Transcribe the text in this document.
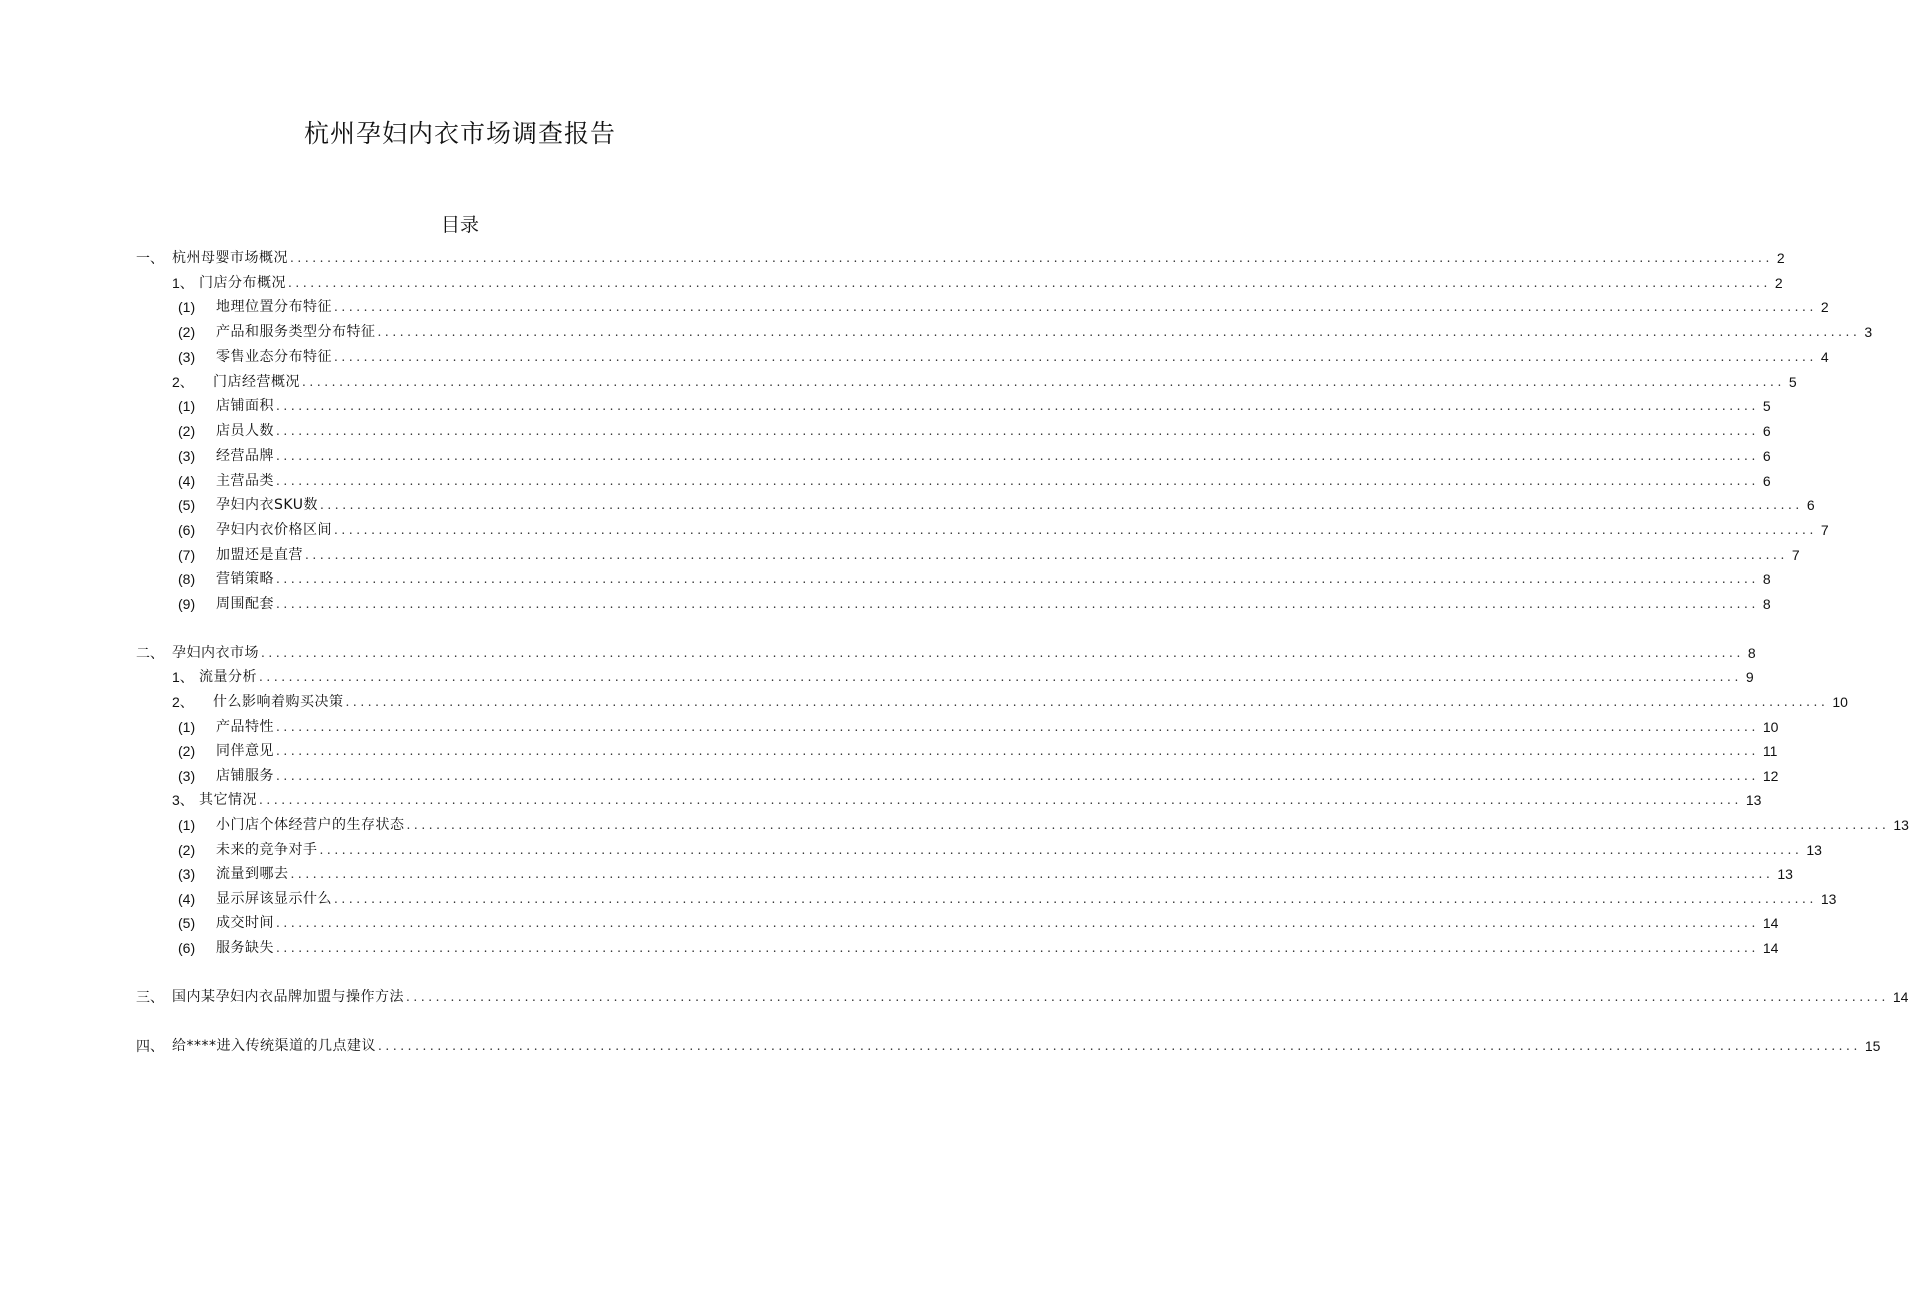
杭州孕妇内衣市场调查报告
目录
一、 杭州母婴市场概况 ........................................................................................................................................................................................................ 2
1、 门店分布概况 ........................................................................................................................................................................................................ 2
(1)	地理位置分布特征 ........................................................................................................................................................................................................ 2
(2)	产品和服务类型分布特征 ........................................................................................................................................................................................................ 3
(3)	零售业态分布特征 ........................................................................................................................................................................................................ 4
2、	门店经营概况 ........................................................................................................................................................................................................ 5
(1)	店铺面积 ........................................................................................................................................................................................................ 5
(2)	店员人数 ........................................................................................................................................................................................................ 6
(3)	经营品牌 ........................................................................................................................................................................................................ 6
(4)	主营品类 ........................................................................................................................................................................................................ 6
(5)	孕妇内衣SKU数 ........................................................................................................................................................................................................ 6
(6)	孕妇内衣价格区间 ........................................................................................................................................................................................................ 7
(7)	加盟还是直营 ........................................................................................................................................................................................................ 7
(8)	营销策略 ........................................................................................................................................................................................................ 8
(9)	周围配套 ........................................................................................................................................................................................................ 8
二、 孕妇内衣市场 ........................................................................................................................................................................................................ 8
1、 流量分析 ........................................................................................................................................................................................................ 9
2、	什么影响着购买决策 ........................................................................................................................................................................................................ 10
(1)	产品特性 ........................................................................................................................................................................................................ 10
(2)	同伴意见 ........................................................................................................................................................................................................ 11
(3)	店铺服务 ........................................................................................................................................................................................................ 12
3、 其它情况 ........................................................................................................................................................................................................ 13
(1)	小门店个体经营户的生存状态 ........................................................................................................................................................................................................ 13
(2)	未来的竞争对手 ........................................................................................................................................................................................................ 13
(3)	流量到哪去 ........................................................................................................................................................................................................ 13
(4)	显示屏该显示什么 ........................................................................................................................................................................................................ 13
(5)	成交时间 ........................................................................................................................................................................................................ 14
(6)	服务缺失 ........................................................................................................................................................................................................ 14
三、 国内某孕妇内衣品牌加盟与操作方法 ........................................................................................................................................................................................................ 14
四、 给****进入传统渠道的几点建议 ........................................................................................................................................................................................................ 15
